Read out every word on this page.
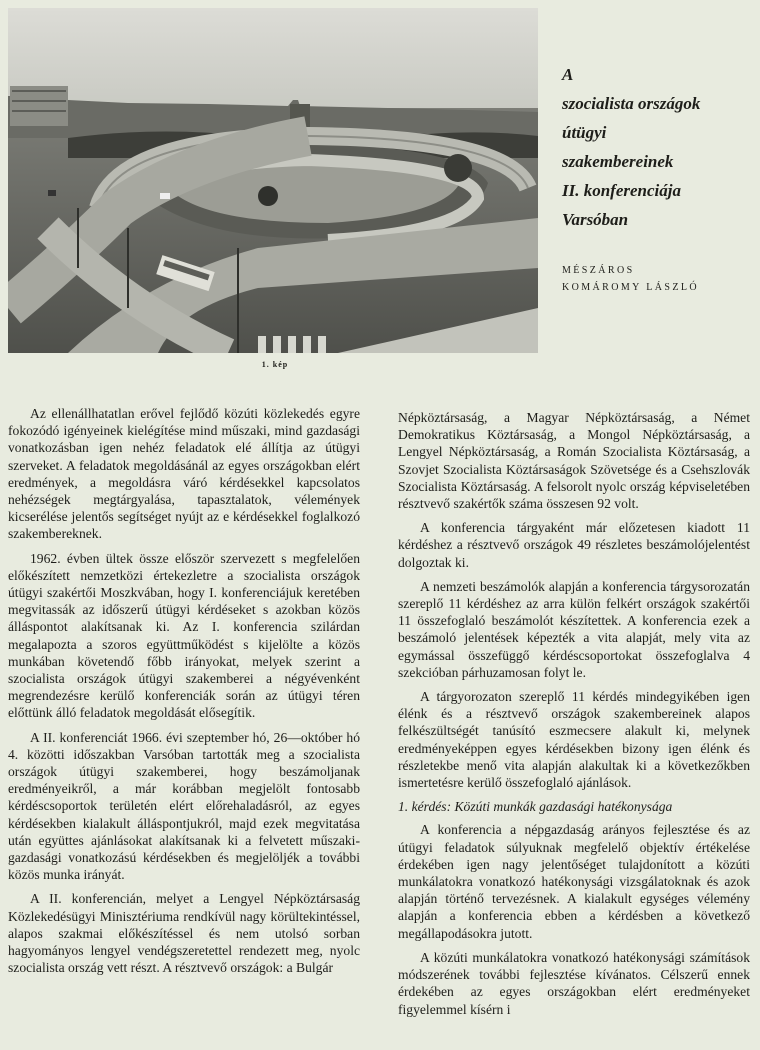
1. kép
A
szocialista országok
útügyi
szakembereinek
II. konferenciája
Varsóban
MÉSZÁROS
KOMÁROMY LÁSZLÓ

Az ellenállhatatlan erővel fejlődő közúti közlekedés egyre fokozódó igényeinek kielégítése mind műszaki, mind gazdasági vonatkozásban igen nehéz feladatok elé állítja az útügyi szerveket. A feladatok megoldásánál az egyes országokban elért eredmények, a megoldásra váró kérdésekkel kapcsolatos nehézségek megtárgyalása, tapasztalatok, vélemények kicserélése jelentős segítséget nyújt az e kérdésekkel foglalkozó szakembereknek.

1962. évben ültek össze először szervezett s megfelelően előkészített nemzetközi értekezletre a szocialista országok útügyi szakértői Moszkvában, hogy I. konferenciájuk keretében megvitassák az időszerű útügyi kérdéseket s azokban közös álláspontot alakítsanak ki. Az I. konferencia szilárdan megalapozta a szoros együttműködést s kijelölte a közös munkában követendő főbb irányokat, melyek szerint a szocialista országok útügyi szakemberei a négyévenként megrendezésre kerülő konferenciák során az útügyi téren előttünk álló feladatok megoldását elősegítik.

A II. konferenciát 1966. évi szeptember hó, 26—október hó 4. közötti időszakban Varsóban tartották meg a szocialista országok útügyi szakemberei, hogy beszámoljanak eredményeikről, a már korábban megjelölt fontosabb kérdéscsoportok területén elért előrehaladásról, az egyes kérdésekben kialakult álláspontjukról, majd ezek megvitatása után együttes ajánlásokat alakítsanak ki a felvetett műszaki-gazdasági vonatkozású kérdésekben és megjelöljék a további közös munka irányát.

A II. konferencián, melyet a Lengyel Népköztársaság Közlekedésügyi Minisztériuma rendkívül nagy körültekintéssel, alapos szakmai előkészítéssel és nem utolsó sorban hagyományos lengyel vendégszeretettel rendezett meg, nyolc szocialista ország vett részt. A résztvevő országok: a Bulgár

Népköztársaság, a Magyar Népköztársaság, a Német Demokratikus Köztársaság, a Mongol Népköztársaság, a Lengyel Népköztársaság, a Román Szocialista Köztársaság, a Szovjet Szocialista Köztársaságok Szövetsége és a Csehszlovák Szocialista Köztársaság. A felsorolt nyolc ország képviseletében résztvevő szakértők száma összesen 92 volt.

A konferencia tárgyaként már előzetesen kiadott 11 kérdéshez a résztvevő országok 49 részletes beszámolójelentést dolgoztak ki.

A nemzeti beszámolók alapján a konferencia tárgysorozatán szereplő 11 kérdéshez az arra külön felkért országok szakértői 11 összefoglaló beszámolót készítettek. A konferencia ezek a beszámoló jelentések képezték a vita alapját, mely vita az egymással összefüggő kérdéscsoportokat összefoglalva 4 szekcióban párhuzamosan folyt le.

A tárgyorozaton szereplő 11 kérdés mindegyikében igen élénk és a résztvevő országok szakembereinek alapos felkészültségét tanúsító eszmecsere alakult ki, melynek eredményeképpen egyes kérdésekben bizony igen élénk és részletekbe menő vita alapján alakultak ki a következőkben ismertetésre kerülő összefoglaló ajánlások.

1. kérdés: Közúti munkák gazdasági hatékonysága

A konferencia a népgazdaság arányos fejlesztése és az útügyi feladatok súlyuknak megfelelő objektív értékelése érdekében igen nagy jelentőséget tulajdonított a közúti munkálatokra vonatkozó hatékonysági vizsgálatoknak és azok alapján történő tervezésnek. A kialakult egységes vélemény alapján a konferencia ebben a kérdésben a következő megállapodásokra jutott.

A közúti munkálatokra vonatkozó hatékonysági számítások módszerének további fejlesztése kívánatos. Célszerű ennek érdekében az egyes országokban elért eredményeket figyelemmel kísérn i
